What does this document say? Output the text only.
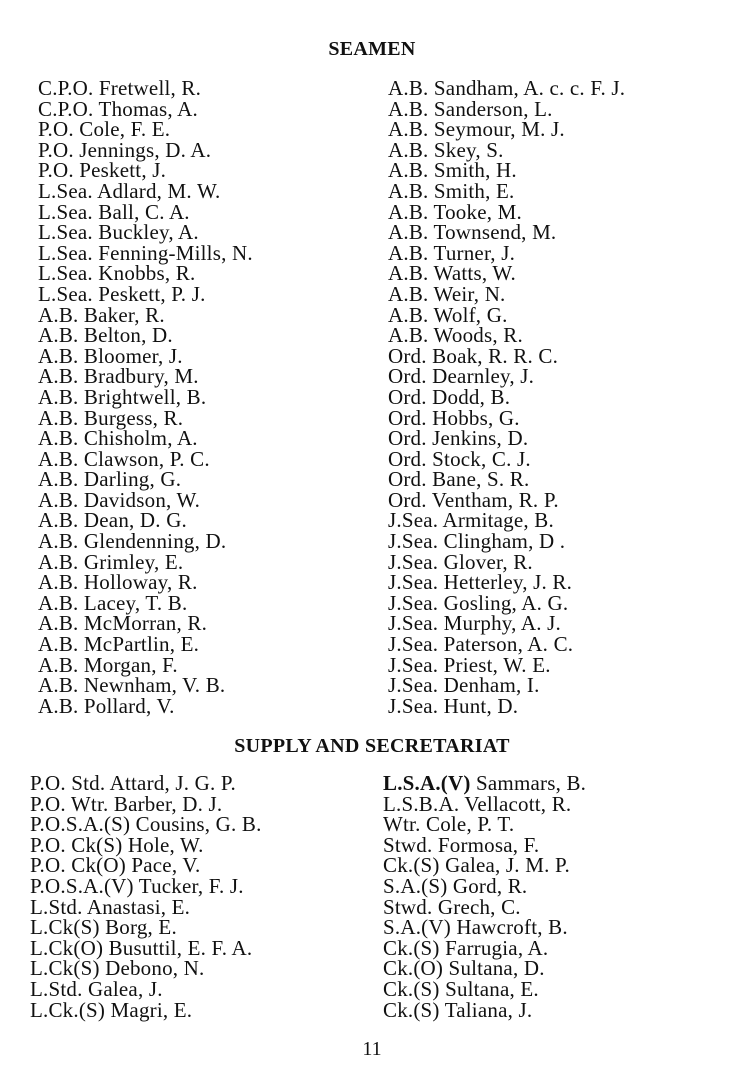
SEAMEN
C.P.O. Fretwell, R.
C.P.O. Thomas, A.
P.O. Cole, F. E.
P.O. Jennings, D. A.
P.O. Peskett, J.
L.Sea. Adlard, M. W.
L.Sea. Ball, C. A.
L.Sea. Buckley, A.
L.Sea. Fenning-Mills, N.
L.Sea. Knobbs, R.
L.Sea. Peskett, P. J.
A.B. Baker, R.
A.B. Belton, D.
A.B. Bloomer, J.
A.B. Bradbury, M.
A.B. Brightwell, B.
A.B. Burgess, R.
A.B. Chisholm, A.
A.B. Clawson, P. C.
A.B. Darling, G.
A.B. Davidson, W.
A.B. Dean, D. G.
A.B. Glendenning, D.
A.B. Grimley, E.
A.B. Holloway, R.
A.B. Lacey, T. B.
A.B. McMorran, R.
A.B. McPartlin, E.
A.B. Morgan, F.
A.B. Newnham, V. B.
A.B. Pollard, V.
A.B. Sandham, A. c. c. F. J.
A.B. Sanderson, L.
A.B. Seymour, M. J.
A.B. Skey, S.
A.B. Smith, H.
A.B. Smith, E.
A.B. Tooke, M.
A.B. Townsend, M.
A.B. Turner, J.
A.B. Watts, W.
A.B. Weir, N.
A.B. Wolf, G.
A.B. Woods, R.
Ord. Boak, R. R. C.
Ord. Dearnley, J.
Ord. Dodd, B.
Ord. Hobbs, G.
Ord. Jenkins, D.
Ord. Stock, C. J.
Ord. Bane, S. R.
Ord. Ventham, R. P.
J.Sea. Armitage, B.
J.Sea. Clingham, D .
J.Sea. Glover, R.
J.Sea. Hetterley, J. R.
J.Sea. Gosling, A. G.
J.Sea. Murphy, A. J.
J.Sea. Paterson, A. C.
J.Sea. Priest, W. E.
J.Sea. Denham, I.
J.Sea. Hunt, D.
SUPPLY AND SECRETARIAT
P.O. Std. Attard, J. G. P.
P.O. Wtr. Barber, D. J.
P.O.S.A.(S) Cousins, G. B.
P.O. Ck(S) Hole, W.
P.O. Ck(O) Pace, V.
P.O.S.A.(V) Tucker, F. J.
L.Std. Anastasi, E.
L.Ck(S) Borg, E.
L.Ck(O) Busuttil, E. F. A.
L.Ck(S) Debono, N.
L.Std. Galea, J.
L.Ck.(S) Magri, E.
L.S.A.(V) Sammars, B.
L.S.B.A. Vellacott, R.
Wtr. Cole, P. T.
Stwd. Formosa, F.
Ck.(S) Galea, J. M. P.
S.A.(S) Gord, R.
Stwd. Grech, C.
S.A.(V) Hawcroft, B.
Ck.(S) Farrugia, A.
Ck.(O) Sultana, D.
Ck.(S) Sultana, E.
Ck.(S) Taliana, J.
11
